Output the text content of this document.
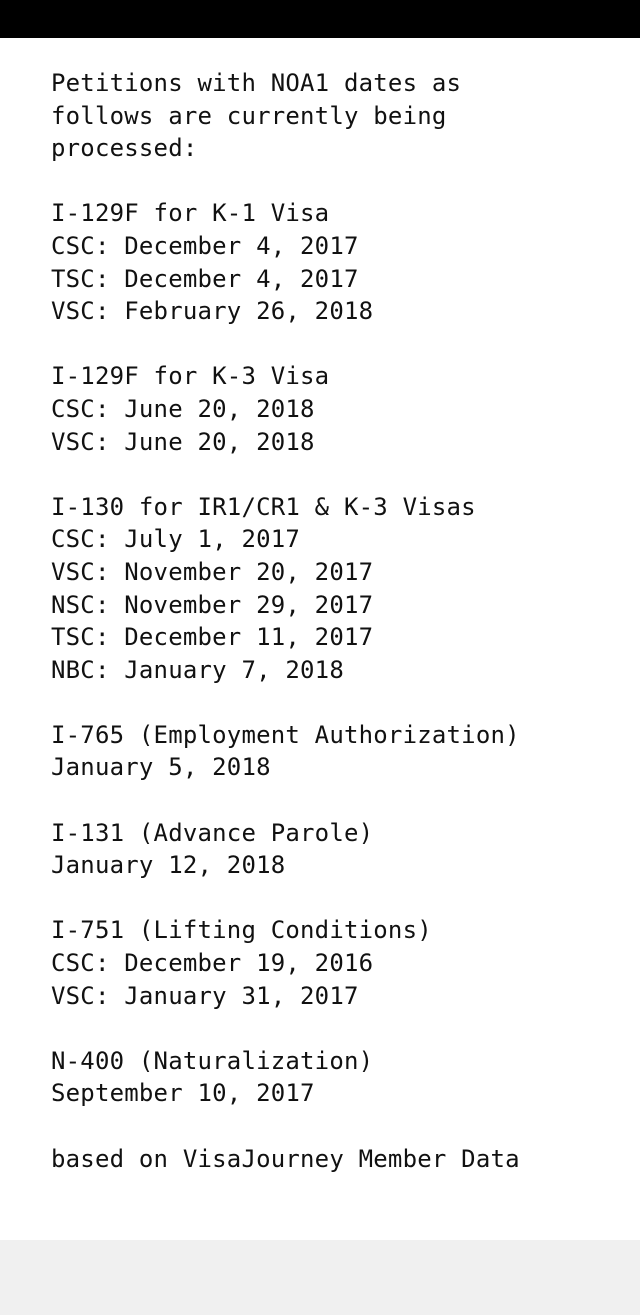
Petitions with NOA1 dates as
follows are currently being
processed:
I-129F for K-1 Visa
CSC: December 4, 2017
TSC: December 4, 2017
VSC: February 26, 2018
I-129F for K-3 Visa
CSC: June 20, 2018
VSC: June 20, 2018
I-130 for IR1/CR1 & K-3 Visas
CSC: July 1, 2017
VSC: November 20, 2017
NSC: November 29, 2017
TSC: December 11, 2017
NBC: January 7, 2018
I-765 (Employment Authorization)
January 5, 2018
I-131 (Advance Parole)
January 12, 2018
I-751 (Lifting Conditions)
CSC: December 19, 2016
VSC: January 31, 2017
N-400 (Naturalization)
September 10, 2017
based on VisaJourney Member Data
